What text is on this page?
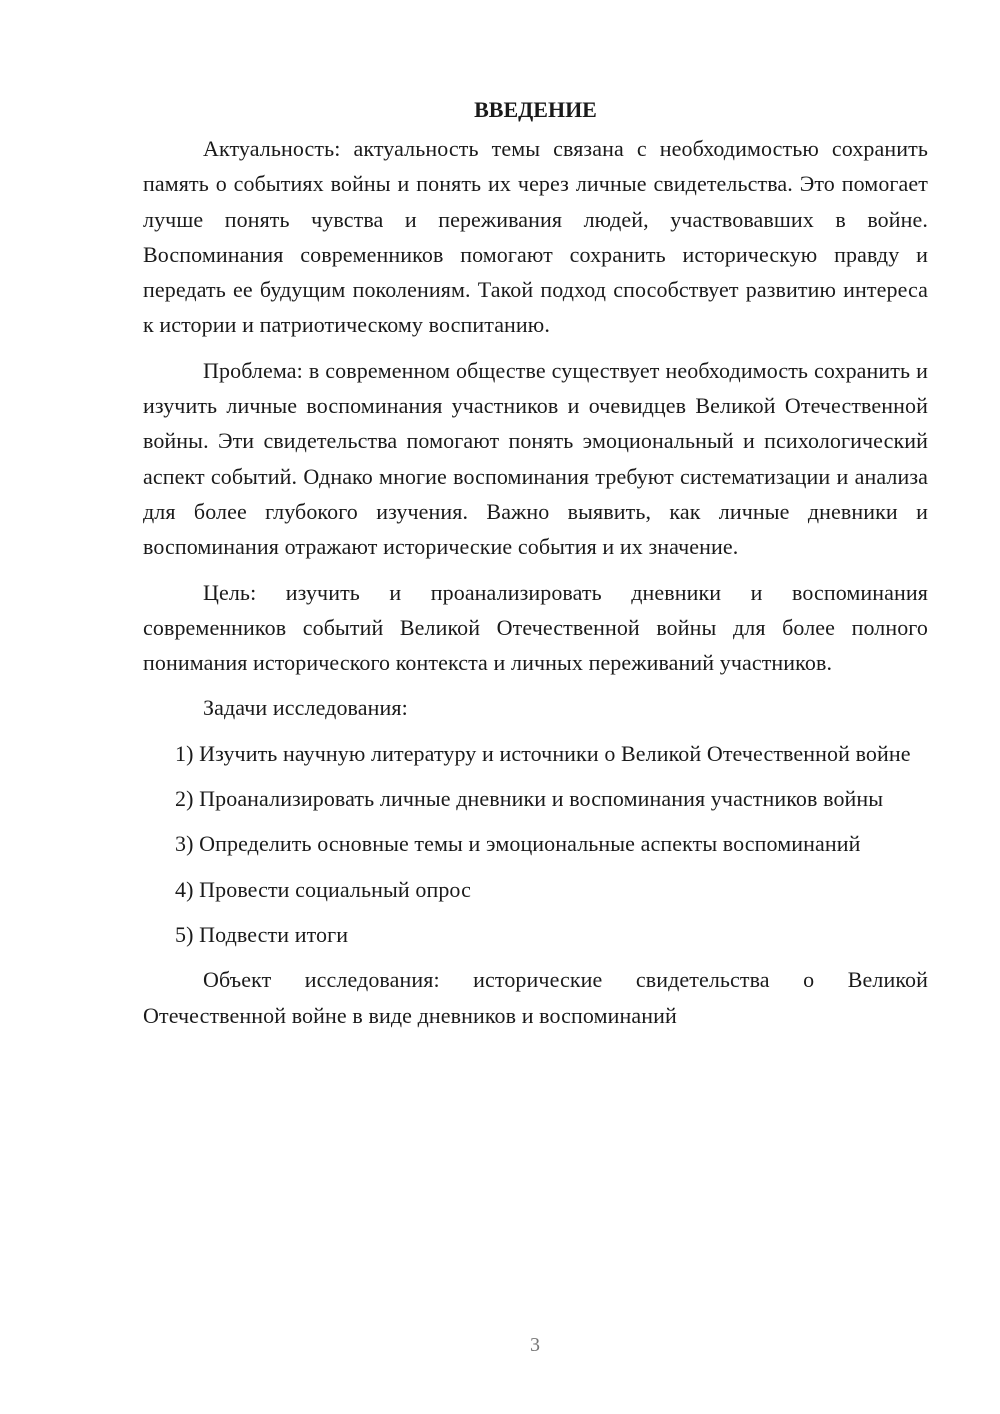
ВВЕДЕНИЕ

Актуальность: актуальность темы связана с необходимостью сохранить память о событиях войны и понять их через личные свидетельства. Это помогает лучше понять чувства и переживания людей, участвовавших в войне. Воспоминания современников помогают сохранить историческую правду и передать ее будущим поколениям. Такой подход способствует развитию интереса к истории и патриотическому воспитанию.

Проблема: в современном обществе существует необходимость сохранить и изучить личные воспоминания участников и очевидцев Великой Отечественной войны. Эти свидетельства помогают понять эмоциональный и психологический аспект событий. Однако многие воспоминания требуют систематизации и анализа для более глубокого изучения. Важно выявить, как личные дневники и воспоминания отражают исторические события и их значение.

Цель: изучить и проанализировать дневники и воспоминания современников событий Великой Отечественной войны для более полного понимания исторического контекста и личных переживаний участников.

Задачи исследования:

1) Изучить научную литературу и источники о Великой Отечественной войне

2) Проанализировать личные дневники и воспоминания участников войны

3) Определить основные темы и эмоциональные аспекты воспоминаний

4) Провести социальный опрос

5) Подвести итоги

Объект исследования: исторические свидетельства о Великой Отечественной войне в виде дневников и воспоминаний

3
